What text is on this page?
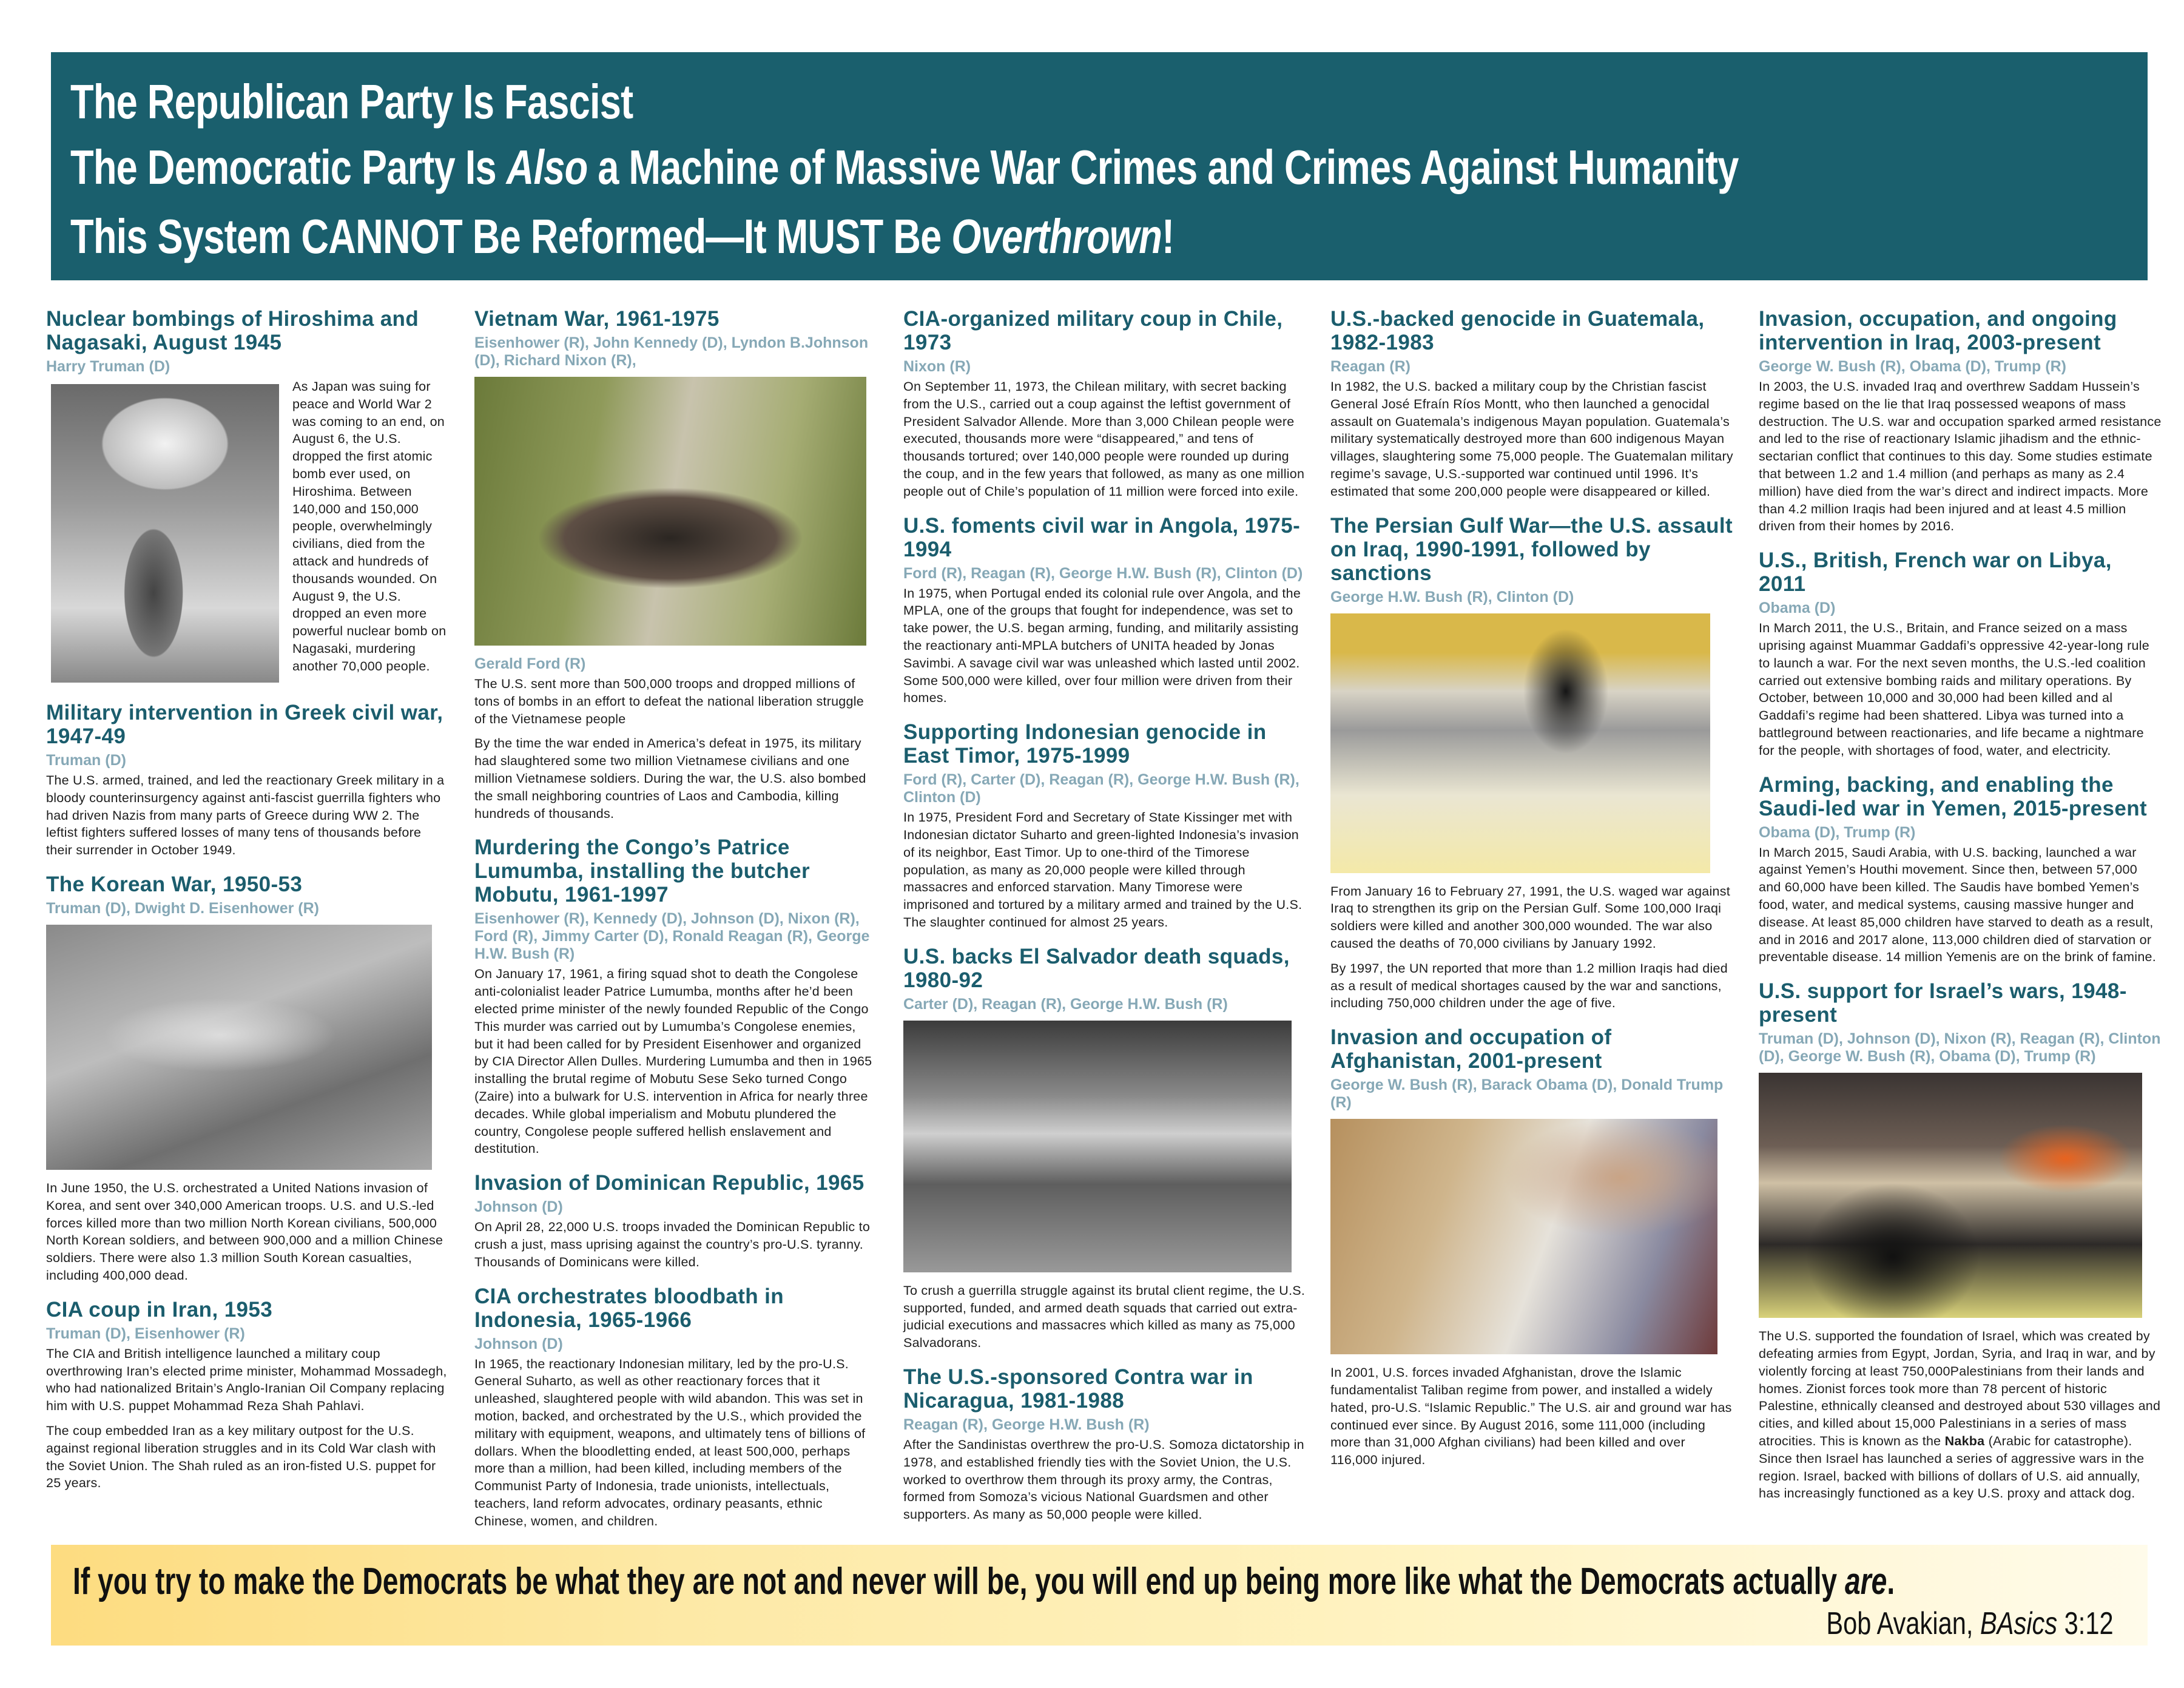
The Republican Party Is Fascist
The Democratic Party Is Also a Machine of Massive War Crimes and Crimes Against Humanity
This System CANNOT Be Reformed—It MUST Be Overthrown!
Nuclear bombings of Hiroshima and Nagasaki, August 1945
Harry Truman (D)

As Japan was suing for peace and World War 2 was coming to an end, on August 6, the U.S. dropped the first atomic bomb ever used, on Hiroshima. Between 140,000 and 150,000 people, overwhelmingly civilians, died from the attack and hundreds of thousands wounded. On August 9, the U.S. dropped an even more powerful nuclear bomb on Nagasaki, murdering another 70,000 people.

Military intervention in Greek civil war, 1947-49
Truman (D)

The U.S. armed, trained, and led the reactionary Greek military in a bloody counterinsurgency against anti-fascist guerrilla fighters who had driven Nazis from many parts of Greece during WW 2. The leftist fighters suffered losses of many tens of thousands before their surrender in October 1949.

The Korean War, 1950-53
Truman (D), Dwight D. Eisenhower (R)

In June 1950, the U.S. orchestrated a United Nations invasion of Korea, and sent over 340,000 American troops. U.S. and U.S.-led forces killed more than two million North Korean civilians, 500,000 North Korean soldiers, and between 900,000 and a million Chinese soldiers. There were also 1.3 million South Korean casualties, including 400,000 dead.

CIA coup in Iran, 1953
Truman (D), Eisenhower (R)

The CIA and British intelligence launched a military coup overthrowing Iran’s elected prime minister, Mohammad Mossadegh, who had nationalized Britain’s Anglo-Iranian Oil Company replacing him with U.S. puppet Mohammad Reza Shah Pahlavi.

The coup embedded Iran as a key military outpost for the U.S. against regional liberation struggles and in its Cold War clash with the Soviet Union. The Shah ruled as an iron-fisted U.S. puppet for 25 years.

Vietnam War, 1961-1975
Eisenhower (R), John Kennedy (D), Lyndon B.Johnson (D), Richard Nixon (R),
Gerald Ford (R)

The U.S. sent more than 500,000 troops and dropped millions of tons of bombs in an effort to defeat the national liberation struggle of the Vietnamese people

By the time the war ended in America’s defeat in 1975, its military had slaughtered some two million Vietnamese civilians and one million Vietnamese soldiers. During the war, the U.S. also bombed the small neighboring countries of Laos and Cambodia, killing hundreds of thousands.

Murdering the Congo’s Patrice Lumumba, installing the butcher Mobutu, 1961-1997
Eisenhower (R), Kennedy (D), Johnson (D), Nixon (R), Ford (R), Jimmy Carter (D), Ronald Reagan (R), George H.W. Bush (R)

On January 17, 1961, a firing squad shot to death the Congolese anti-colonialist leader Patrice Lumumba, months after he’d been elected prime minister of the newly founded Republic of the Congo This murder was carried out by Lumumba’s Congolese enemies, but it had been called for by President Eisenhower and organized by CIA Director Allen Dulles. Murdering Lumumba and then in 1965 installing the brutal regime of Mobutu Sese Seko turned Congo (Zaire) into a bulwark for U.S. intervention in Africa for nearly three decades. While global imperialism and Mobutu plundered the country, Congolese people suffered hellish enslavement and destitution.

Invasion of Dominican Republic, 1965
Johnson (D)

On April 28, 22,000 U.S. troops invaded the Dominican Republic to crush a just, mass uprising against the country’s pro-U.S. tyranny. Thousands of Dominicans were killed.

CIA orchestrates bloodbath in Indonesia, 1965-1966
Johnson (D)

In 1965, the reactionary Indonesian military, led by the pro-U.S. General Suharto, as well as other reactionary forces that it unleashed, slaughtered people with wild abandon. This was set in motion, backed, and orchestrated by the U.S., which provided the military with equipment, weapons, and ultimately tens of billions of dollars. When the bloodletting ended, at least 500,000, perhaps more than a million, had been killed, including members of the Communist Party of Indonesia, trade unionists, intellectuals, teachers, land reform advocates, ordinary peasants, ethnic Chinese, women, and children.

CIA-organized military coup in Chile, 1973
Nixon (R)

On September 11, 1973, the Chilean military, with secret backing from the U.S., carried out a coup against the leftist government of President Salvador Allende. More than 3,000 Chilean people were executed, thousands more were “disappeared,” and tens of thousands tortured; over 140,000 people were rounded up during the coup, and in the few years that followed, as many as one million people out of Chile’s population of 11 million were forced into exile.

U.S. foments civil war in Angola, 1975-1994
Ford (R), Reagan (R), George H.W. Bush (R), Clinton (D)

In 1975, when Portugal ended its colonial rule over Angola, and the MPLA, one of the groups that fought for independence, was set to take power, the U.S. began arming, funding, and militarily assisting the reactionary anti-MPLA butchers of UNITA headed by Jonas Savimbi. A savage civil war was unleashed which lasted until 2002. Some 500,000 were killed, over four million were driven from their homes.

Supporting Indonesian genocide in East Timor, 1975-1999
Ford (R), Carter (D), Reagan (R), George H.W. Bush (R), Clinton (D)

In 1975, President Ford and Secretary of State Kissinger met with Indonesian dictator Suharto and green-lighted Indonesia’s invasion of its neighbor, East Timor. Up to one-third of the Timorese population, as many as 20,000 people were killed through massacres and enforced starvation. Many Timorese were imprisoned and tortured by a military armed and trained by the U.S. The slaughter continued for almost 25 years.

U.S. backs El Salvador death squads, 1980-92
Carter (D), Reagan (R), George H.W. Bush (R)

To crush a guerrilla struggle against its brutal client regime, the U.S. supported, funded, and armed death squads that carried out extra-judicial executions and massacres which killed as many as 75,000 Salvadorans.

The U.S.-sponsored Contra war in Nicaragua, 1981-1988
Reagan (R), George H.W. Bush (R)

After the Sandinistas overthrew the pro-U.S. Somoza dictatorship in 1978, and established friendly ties with the Soviet Union, the U.S. worked to overthrow them through its proxy army, the Contras, formed from Somoza’s vicious National Guardsmen and other supporters. As many as 50,000 people were killed.

U.S.-backed genocide in Guatemala, 1982-1983
Reagan (R)

In 1982, the U.S. backed a military coup by the Christian fascist General José Efraín Ríos Montt, who then launched a genocidal assault on Guatemala’s indigenous Mayan population. Guatemala’s military systematically destroyed more than 600 indigenous Mayan villages, slaughtering some 75,000 people. The Guatemalan military regime’s savage, U.S.-supported war continued until 1996. It’s estimated that some 200,000 people were disappeared or killed.

The Persian Gulf War—the U.S. assault on Iraq, 1990-1991, followed by sanctions
George H.W. Bush (R), Clinton (D)

From January 16 to February 27, 1991, the U.S. waged war against Iraq to strengthen its grip on the Persian Gulf. Some 100,000 Iraqi soldiers were killed and another 300,000 wounded. The war also caused the deaths of 70,000 civilians by January 1992.

By 1997, the UN reported that more than 1.2 million Iraqis had died as a result of medical shortages caused by the war and sanctions, including 750,000 children under the age of five.

Invasion and occupation of Afghanistan, 2001-present
George W. Bush (R), Barack Obama (D), Donald Trump (R)

In 2001, U.S. forces invaded Afghanistan, drove the Islamic fundamentalist Taliban regime from power, and installed a widely hated, pro-U.S. “Islamic Republic.” The U.S. air and ground war has continued ever since. By August 2016, some 111,000 (including more than 31,000 Afghan civilians) had been killed and over 116,000 injured.

Invasion, occupation, and ongoing intervention in Iraq, 2003-present
George W. Bush (R), Obama (D), Trump (R)

In 2003, the U.S. invaded Iraq and overthrew Saddam Hussein’s regime based on the lie that Iraq possessed weapons of mass destruction. The U.S. war and occupation sparked armed resistance and led to the rise of reactionary Islamic jihadism and the ethnic-sectarian conflict that continues to this day. Some studies estimate that between 1.2 and 1.4 million (and perhaps as many as 2.4 million) have died from the war’s direct and indirect impacts. More than 4.2 million Iraqis had been injured and at least 4.5 million driven from their homes by 2016.

U.S., British, French war on Libya, 2011
Obama (D)

In March 2011, the U.S., Britain, and France seized on a mass uprising against Muammar Gaddafi’s oppressive 42-year-long rule to launch a war. For the next seven months, the U.S.-led coalition carried out extensive bombing raids and military operations. By October, between 10,000 and 30,000 had been killed and al Gaddafi’s regime had been shattered. Libya was turned into a battleground between reactionaries, and life became a nightmare for the people, with shortages of food, water, and electricity.

Arming, backing, and enabling the Saudi-led war in Yemen, 2015-present
Obama (D), Trump (R)

In March 2015, Saudi Arabia, with U.S. backing, launched a war against Yemen’s Houthi movement. Since then, between 57,000 and 60,000 have been killed. The Saudis have bombed Yemen’s food, water, and medical systems, causing massive hunger and disease. At least 85,000 children have starved to death as a result, and in 2016 and 2017 alone, 113,000 children died of starvation or preventable disease. 14 million Yemenis are on the brink of famine.

U.S. support for Israel’s wars, 1948-present
Truman (D), Johnson (D), Nixon (R), Reagan (R), Clinton (D), George W. Bush (R), Obama (D), Trump (R)

The U.S. supported the foundation of Israel, which was created by defeating armies from Egypt, Jordan, Syria, and Iraq in war, and by violently forcing at least 750,000Palestinians from their lands and homes. Zionist forces took more than 78 percent of historic Palestine, ethnically cleansed and destroyed about 530 villages and cities, and killed about 15,000 Palestinians in a series of mass atrocities. This is known as the Nakba (Arabic for catastrophe). Since then Israel has launched a series of aggressive wars in the region. Israel, backed with billions of dollars of U.S. aid annually, has increasingly functioned as a key U.S. proxy and attack dog.

If you try to make the Democrats be what they are not and never will be, you will end up being more like what the Democrats actually are.
Bob Avakian, BAsics 3:12
